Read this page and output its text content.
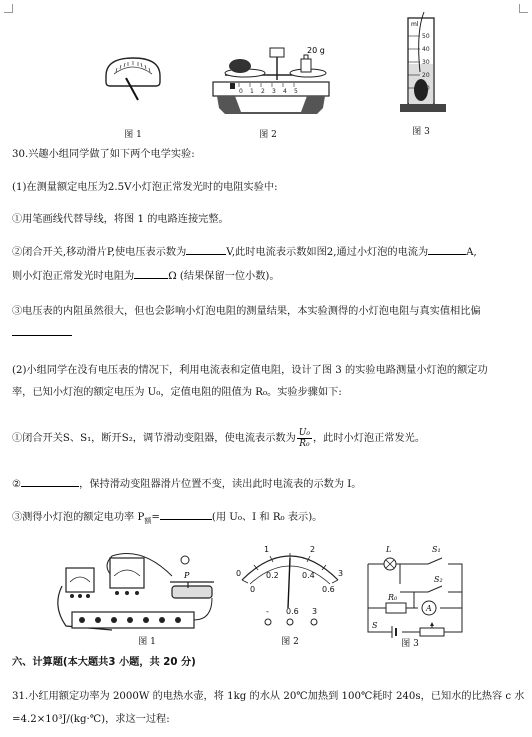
图 1
20 g
0 1 2 3 4 5
图 2
ml
50
40
30
20
10
图 3
30.兴趣小组同学做了如下两个电学实验:
(1)在测量额定电压为2.5V小灯泡正常发光时的电阻实验中:
①用笔画线代替导线，将图 1 的电路连接完整。
②闭合开关,移动滑片P,使电压表示数为	V,此时电流表示数如图2,通过小灯泡的电流为	A,
则小灯泡正常发光时电阻为	Ω (结果保留一位小数)。
③电压表的内阻虽然很大，但也会影响小灯泡电阻的测量结果，本实验测得的小灯泡电阻与真实值相比偏
(2)小组同学在没有电压表的情况下，利用电流表和定值电阻，设计了图 3 的实验电路测量小灯泡的额定功
率，已知小灯泡的额定电压为 U₀，定值电阻的阻值为 R₀。实验步骤如下:
①闭合开关S、S₁，断开S₂，调节滑动变阻器，使电流表示数为 $\frac{\text{U₀}}{\text{R₀}}$ ，此时小灯泡正常发光。
②	，保持滑动变阻器滑片位置不变，读出此时电流表的示数为 I。
③测得小灯泡的额定电功率 $P_额=$	(用 U₀、I 和 R₀ 表示)。
P
图 1
0
1	2
3
0.2	0.4
0	0.6
- 0.6 3
图 2
L	S₁
S₂
R₀
A
S
图 3
六、计算题(本大题共3 小题，共 20 分)
31.小红用额定功率为 2000W 的电热水壶，将 1kg 的水从 20℃加热到 100℃耗时 240s，已知水的比热容 c 水
=4.2×10³J/(kg·℃)，求这一过程:
